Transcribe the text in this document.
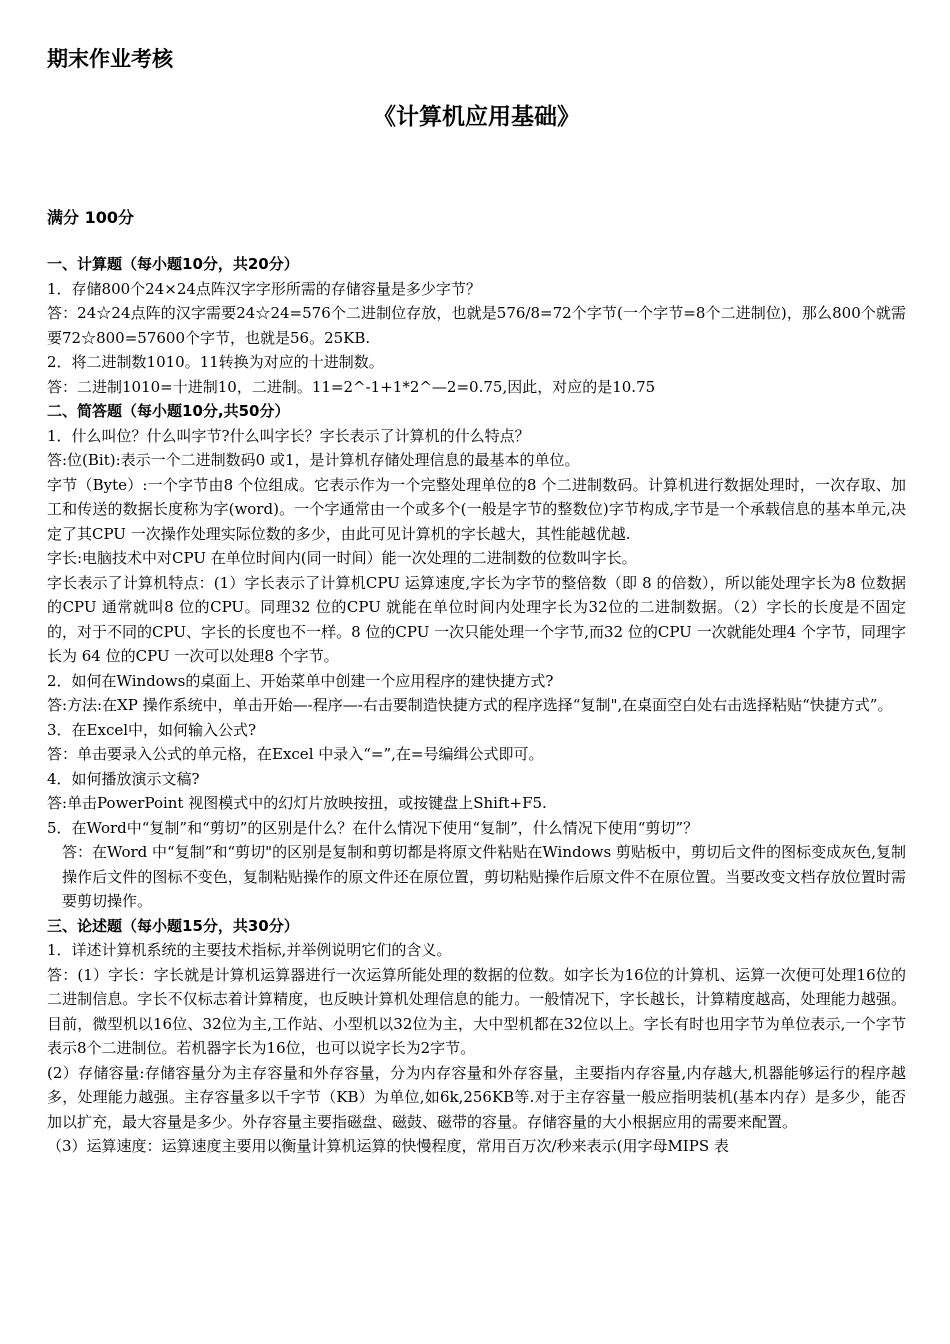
期末作业考核

《计算机应用基础》

满分 100分

一、计算题（每小题10分，共20分）

1．存储800个24×24点阵汉字字形所需的存储容量是多少字节？

答：24☆24点阵的汉字需要24☆24=576个二进制位存放，也就是576/8=72个字节(一个字节=8个二进制位)，那么800个就需要72☆800=57600个字节，也就是56。25KB.

2．将二进制数1010。11转换为对应的十进制数。

答：二进制1010=十进制10，二进制。11=2^-1+1*2^—2=0.75,因此，对应的是10.75

二、简答题（每小题10分,共50分）

1．什么叫位？什么叫字节?什么叫字长？字长表示了计算机的什么特点？

答:位(Bit):表示一个二进制数码0 或1，是计算机存储处理信息的最基本的单位。

字节（Byte）:一个字节由8 个位组成。它表示作为一个完整处理单位的8 个二进制数码。计算机进行数据处理时，一次存取、加工和传送的数据长度称为字(word)。一个字通常由一个或多个(一般是字节的整数位)字节构成,字节是一个承载信息的基本单元,决定了其CPU 一次操作处理实际位数的多少，由此可见计算机的字长越大，其性能越优越.

字长:电脑技术中对CPU 在单位时间内(同一时间）能一次处理的二进制数的位数叫字长。

字长表示了计算机特点：(1）字长表示了计算机CPU 运算速度,字长为字节的整倍数（即 8 的倍数），所以能处理字长为8 位数据的CPU 通常就叫8 位的CPU。同理32 位的CPU 就能在单位时间内处理字长为32位的二进制数据。（2）字长的长度是不固定的，对于不同的CPU、字长的长度也不一样。8 位的CPU 一次只能处理一个字节,而32 位的CPU 一次就能处理4 个字节，同理字长为 64 位的CPU 一次可以处理8 个字节。

2．如何在Windows的桌面上、开始菜单中创建一个应用程序的建快捷方式?

答:方法:在XP 操作系统中，单击开始—-程序—-右击要制造快捷方式的程序选择“复制",在桌面空白处右击选择粘贴“快捷方式”。

3．在Excel中，如何输入公式?

答：单击要录入公式的单元格，在Excel 中录入“=”,在=号编缉公式即可。

4．如何播放演示文稿?

答:单击PowerPoint 视图模式中的幻灯片放映按扭，或按键盘上Shift+F5.

5．在Word中“复制”和“剪切”的区别是什么？在什么情况下使用“复制”，什么情况下使用“剪切”？

答：在Word 中“复制”和“剪切"的区别是复制和剪切都是将原文件粘贴在Windows 剪贴板中，剪切后文件的图标变成灰色,复制操作后文件的图标不变色，复制粘贴操作的原文件还在原位置，剪切粘贴操作后原文件不在原位置。当要改变文档存放位置时需要剪切操作。

三、论述题（每小题15分，共30分）

1．详述计算机系统的主要技术指标,并举例说明它们的含义。

答：(1）字长：字长就是计算机运算器进行一次运算所能处理的数据的位数。如字长为16位的计算机、运算一次便可处理16位的二进制信息。字长不仅标志着计算精度，也反映计算机处理信息的能力。一般情况下，字长越长，计算精度越高，处理能力越强。目前，微型机以16位、32位为主,工作站、小型机以32位为主，大中型机都在32位以上。字长有时也用字节为单位表示,一个字节表示8个二进制位。若机器字长为16位，也可以说字长为2字节。

(2）存储容量:存储容量分为主存容量和外存容量，分为内存容量和外存容量，主要指内存容量,内存越大,机器能够运行的程序越多，处理能力越强。主存容量多以千字节（KB）为单位,如6k,256KB等.对于主存容量一般应指明装机(基本内存）是多少，能否加以扩充，最大容量是多少。外存容量主要指磁盘、磁鼓、磁带的容量。存储容量的大小根据应用的需要来配置。

（3）运算速度：运算速度主要用以衡量计算机运算的快慢程度，常用百万次/秒来表示(用字母MIPS 表
